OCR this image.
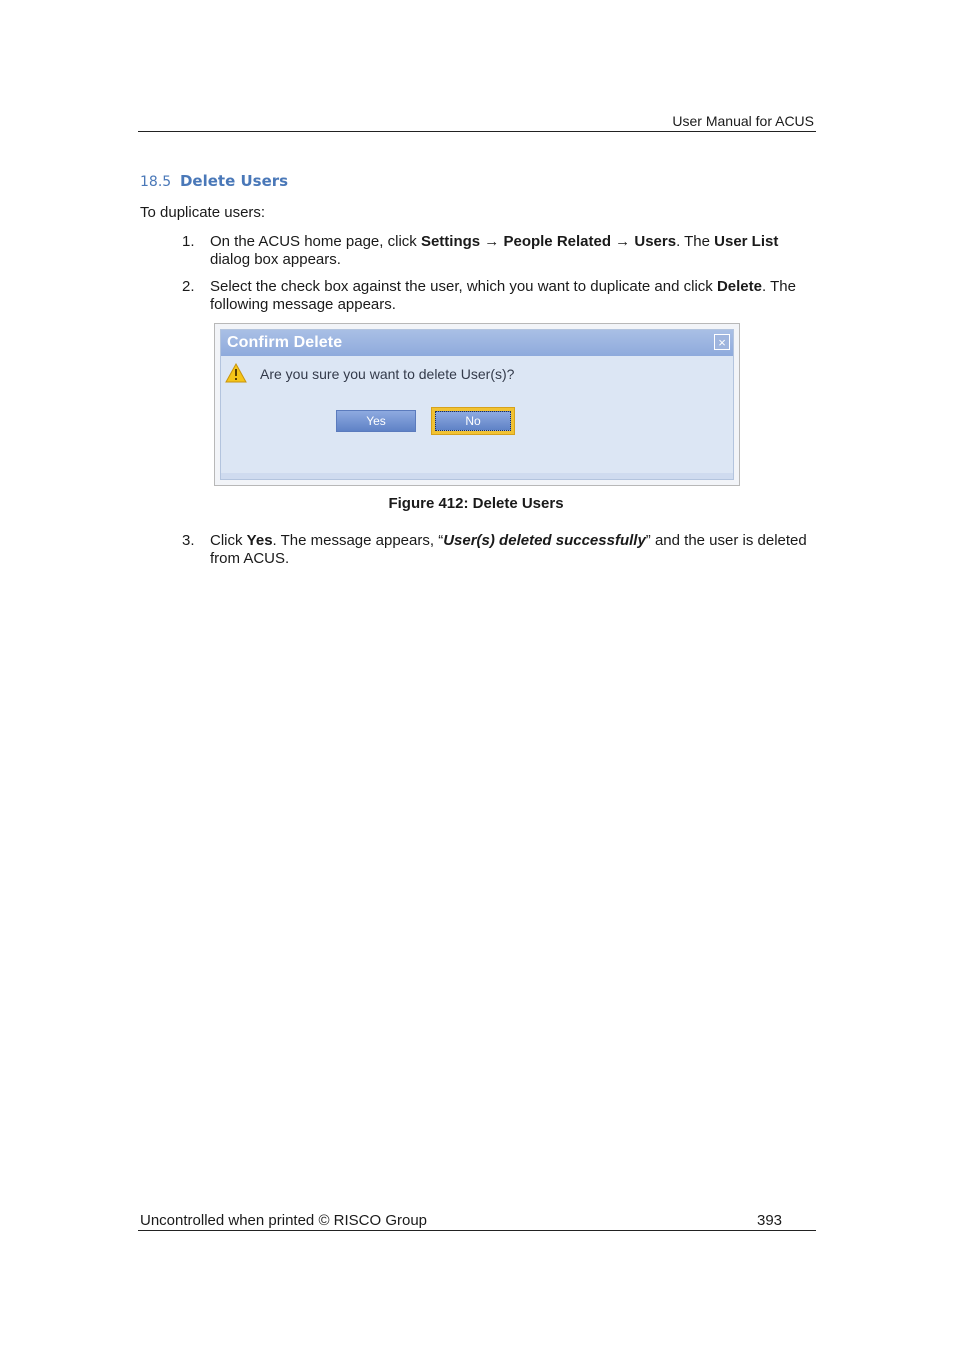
User Manual for ACUS
18.5 Delete Users
To duplicate users:
1. On the ACUS home page, click Settings → People Related → Users. The User List dialog box appears.
2. Select the check box against the user, which you want to duplicate and click Delete. The following message appears.
Confirm Delete	×
Are you sure you want to delete User(s)?
Yes	No
Figure 412: Delete Users
3. Click Yes. The message appears, “User(s) deleted successfully” and the user is deleted from ACUS.
Uncontrolled when printed © RISCO Group	393
